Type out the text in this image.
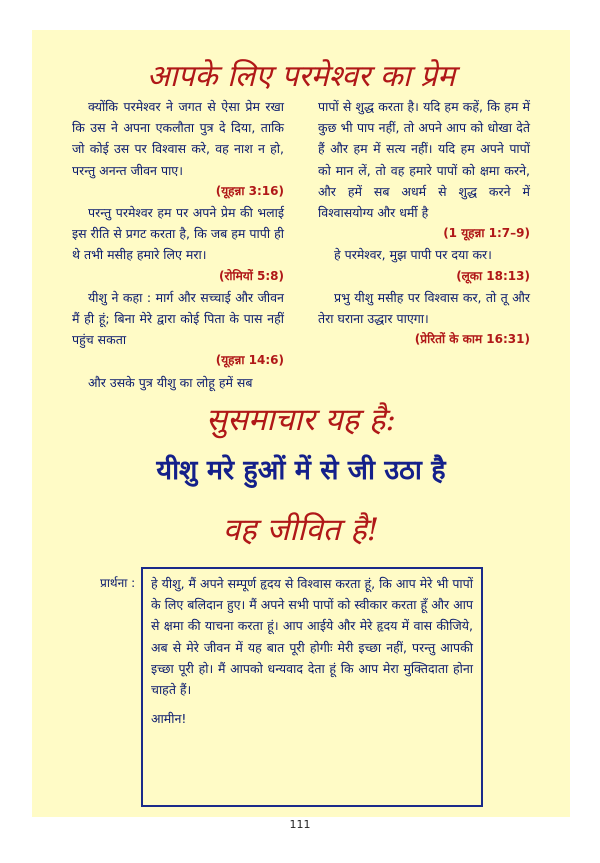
आपके लिए परमेश्वर का प्रेम

क्योंकि परमेश्वर ने जगत से ऐसा प्रेम रखा कि उस ने अपना एकलौता पुत्र दे दिया, ताकि जो कोई उस पर विश्वास करे, वह नाश न हो, परन्तु अनन्त जीवन पाए।

(यूहन्ना 3:16)

परन्तु परमेश्वर हम पर अपने प्रेम की भलाई इस रीति से प्रगट करता है, कि जब हम पापी ही थे तभी मसीह हमारे लिए मरा।

(रोमियों 5:8)

यीशु ने कहा : मार्ग और सच्चाई और जीवन मैं ही हूं; बिना मेरे द्वारा कोई पिता के पास नहीं पहुंच सकता

(यूहन्ना 14:6)

और उसके पुत्र यीशु का लोहू हमें सब

पापों से शुद्ध करता है। यदि हम कहें, कि हम में कुछ भी पाप नहीं, तो अपने आप को धोखा देते हैं और हम में सत्य नहीं। यदि हम अपने पापों को मान लें, तो वह हमारे पापों को क्षमा करने, और हमें सब अधर्म से शुद्ध करने में विश्वासयोग्य और धर्मी है

(1 यूहन्ना 1:7–9)

हे परमेश्वर, मुझ पापी पर दया कर।

(लूका 18:13)

प्रभु यीशु मसीह पर विश्वास कर, तो तू और तेरा घराना उद्धार पाएगा।

(प्रेरितों के काम 16:31)
सुसमाचार यह है:
यीशु मरे हुओं में से जी उठा है
वह जीवित है!
प्रार्थना : हे यीशु, मैं अपने सम्पूर्ण हृदय से विश्वास करता हूं, कि आप मेरे भी पापों के लिए बलिदान हुए। मैं अपने सभी पापों को स्वीकार करता हूँ और आप से क्षमा की याचना करता हूं। आप आईये और मेरे हृदय में वास कीजिये, अब से मेरे जीवन में यह बात पूरी होगीः मेरी इच्छा नहीं, परन्तु आपकी इच्छा पूरी हो। मैं आपको धन्यवाद देता हूं कि आप मेरा मुक्तिदाता होना चाहते हैं।

आमीन!

111
